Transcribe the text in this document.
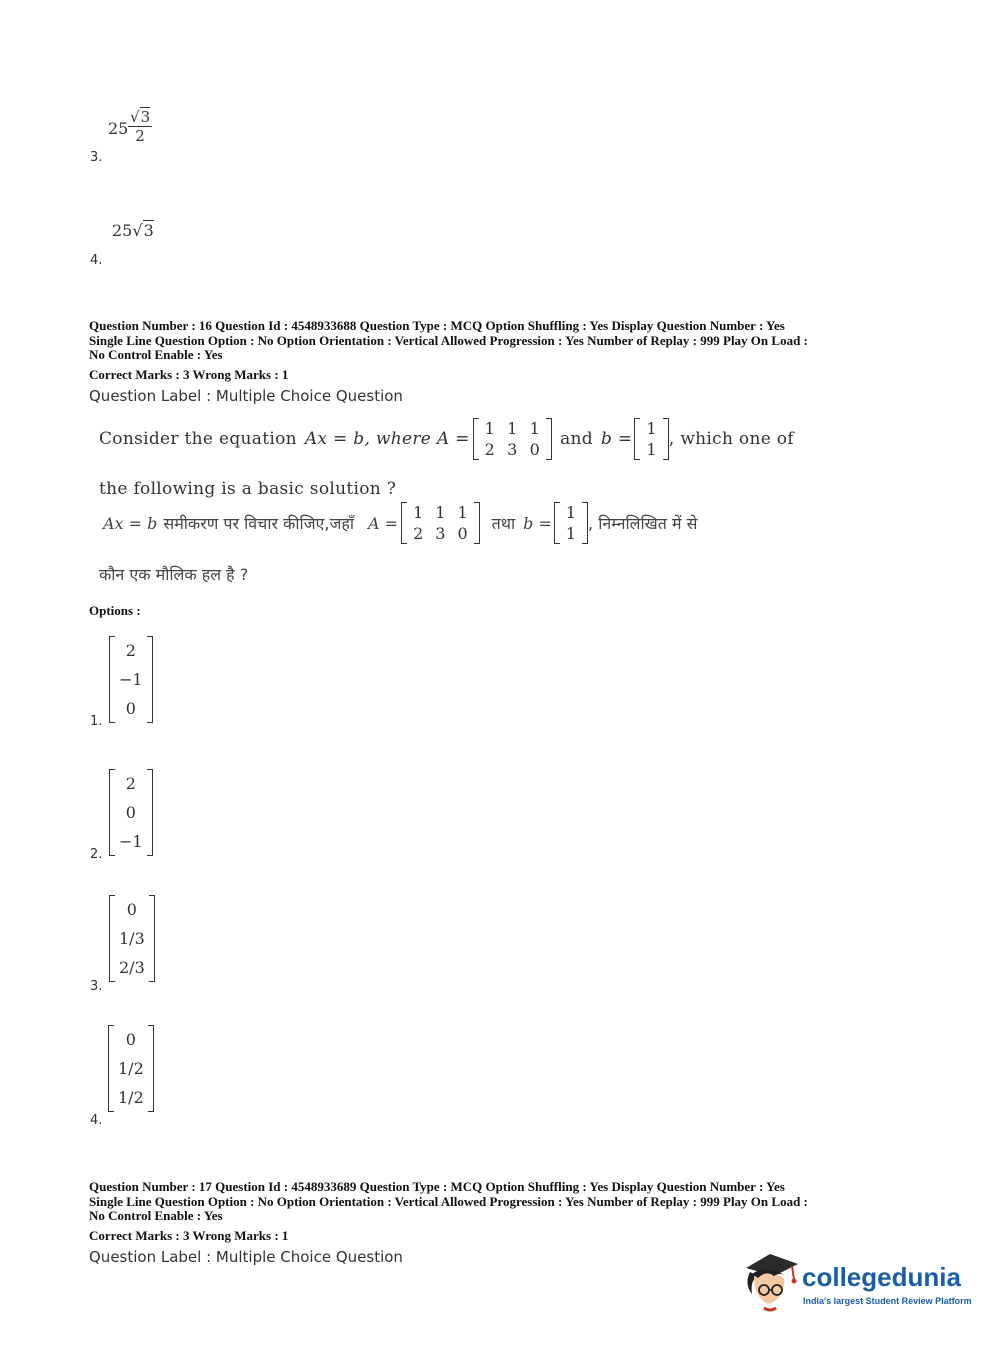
$25 \frac{√3}{2}$
3.
25√3
4.
Question Number : 16 Question Id : 4548933688 Question Type : MCQ Option Shuffling : Yes Display Question Number : Yes
Single Line Question Option : No Option Orientation : Vertical Allowed Progression : Yes Number of Replay : 999 Play On Load :
No Control Enable : Yes
Correct Marks : 3 Wrong Marks : 1
Question Label : Multiple Choice Question
Consider the equation Ax = b, where A =
1	1	1
2	3	0
and b =
1
1
, which one of
the following is a basic solution ?
Ax = b समीकरण पर विचार कीजिए,जहाँ A =
1	1	1
2	3	0
तथा b =
1
1
, निम्नलिखित में से
कौन एक मौलिक हल है ?
Options :
2
−1
0
1.
2
0
−1
2.
0
1/3
2/3
3.
0
1/2
1/2
4.
Question Number : 17 Question Id : 4548933689 Question Type : MCQ Option Shuffling : Yes Display Question Number : Yes
Single Line Question Option : No Option Orientation : Vertical Allowed Progression : Yes Number of Replay : 999 Play On Load :
No Control Enable : Yes
Correct Marks : 3 Wrong Marks : 1
Question Label : Multiple Choice Question
collegedunia
India's largest Student Review Platform
